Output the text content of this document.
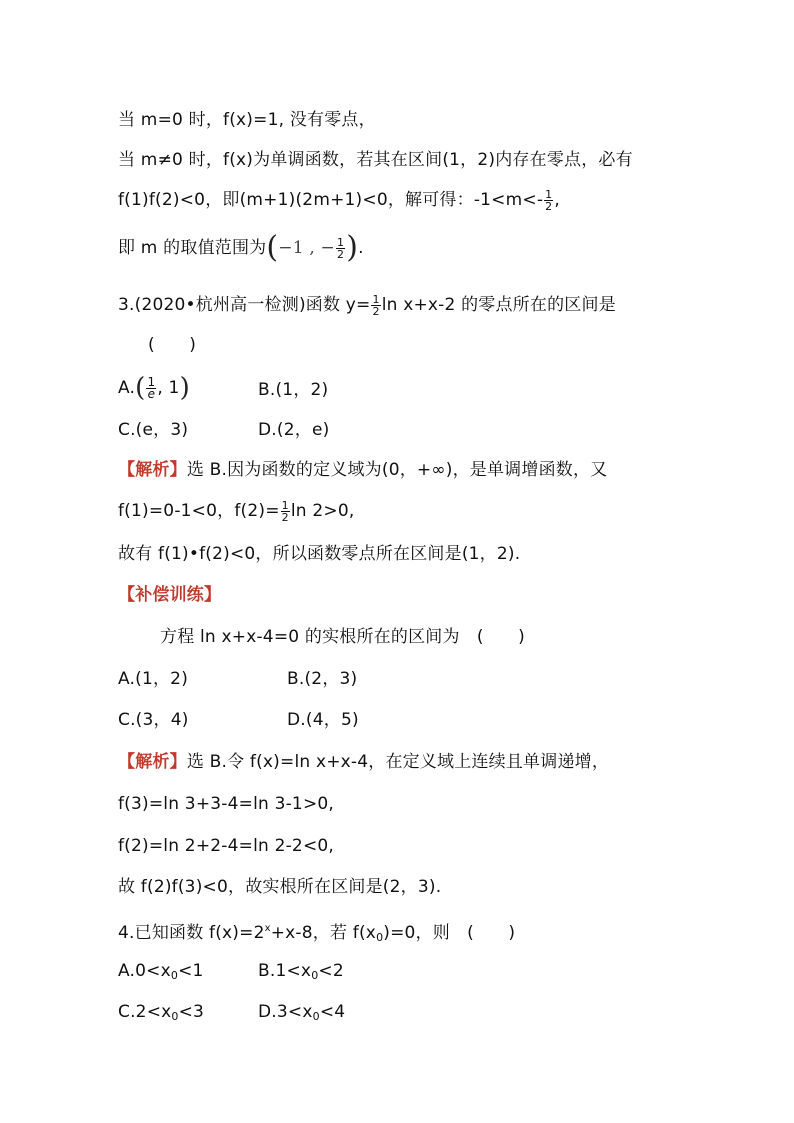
当 m=0 时，f(x)=1, 没有零点，
当 m≠0 时，f(x)为单调函数，若其在区间(1，2)内存在零点，必有
f(1)f(2)<0，即(m+1)(2m+1)<0，解可得：$-1<m<- \frac{1}{2}$ ,
即 m 的取值范围为(−1 , − $\frac{1}{2}$ ).
3.(2020•杭州高一检测)函数 $y= \frac{1}{2}$ ln x+x-2 的零点所在的区间是
(　　)
$A.( \frac{1}{e}$ , 1)	B.(1，2)
C.(e，3)	D.(2，e)
【解析】选 B.因为函数的定义域为(0，+∞)，是单调增函数，又
f(1)=0-1<0，$f(2)= \frac{1}{2}$ ln 2>0,
故有 f(1)•f(2)<0，所以函数零点所在区间是(1，2).
【补偿训练】
方程 ln x+x-4=0 的实根所在的区间为　(　　)
A.(1，2)	B.(2，3)
C.(3，4)	D.(4，5)
【解析】选 B.令 f(x)=ln x+x-4，在定义域上连续且单调递增，
f(3)=ln 3+3-4=ln 3-1>0,
f(2)=ln 2+2-4=ln 2-2<0,
故 f(2)f(3)<0，故实根所在区间是(2，3).
4.已知函数 $f(x)=2^x+x-8$，若 $f(x_0)=0$，则　(　　)
$A.0<x_0<1$	$B.1<x_0<2$
$C.2<x_0<3$	$D.3<x_0<4$
